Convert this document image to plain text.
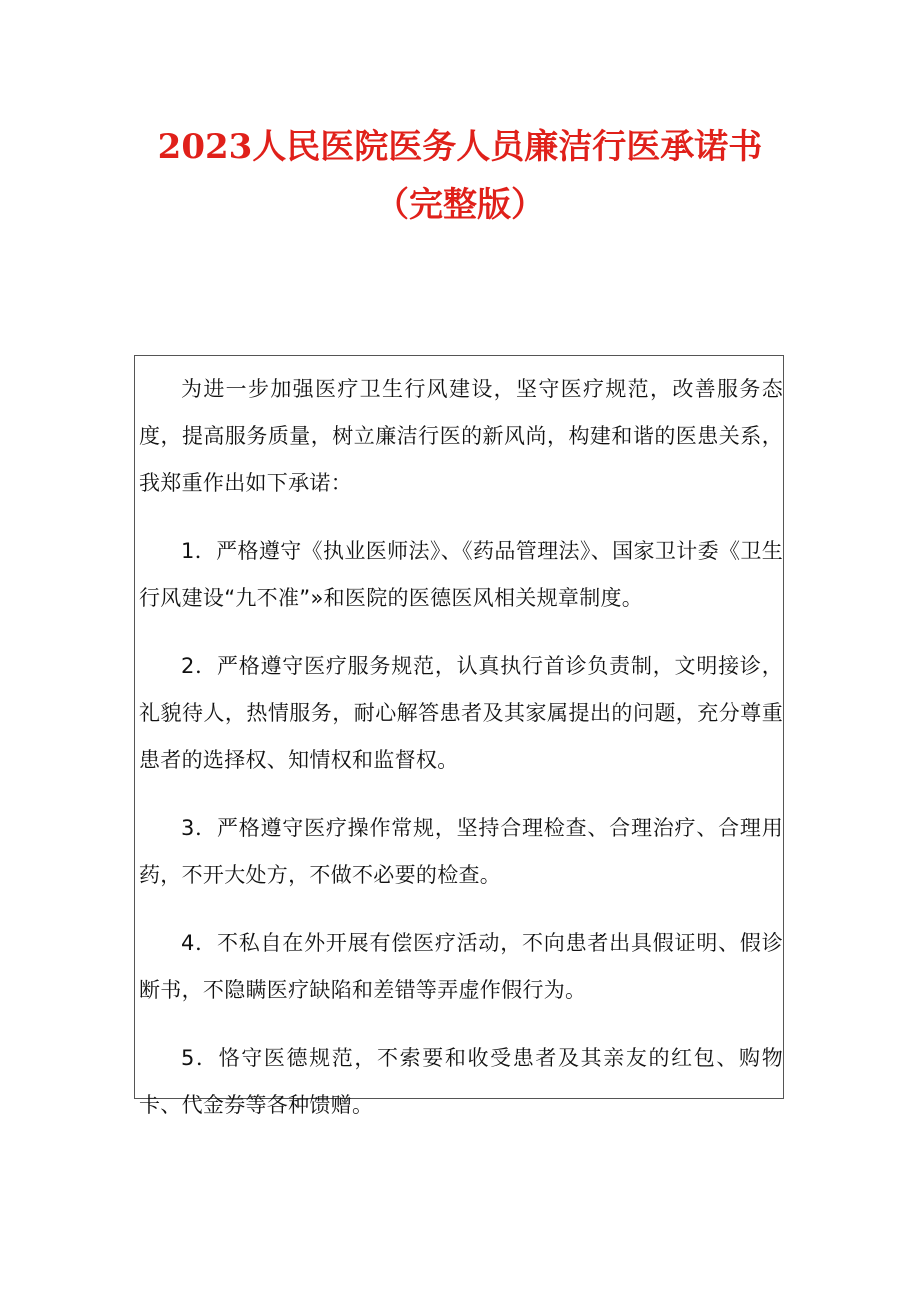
2023人民医院医务人员廉洁行医承诺书
（完整版）

为进一步加强医疗卫生行风建设，坚守医疗规范，改善服务态度，提高服务质量，树立廉洁行医的新风尚，构建和谐的医患关系，我郑重作出如下承诺：

1．严格遵守《执业医师法》、《药品管理法》、国家卫计委《卫生行风建设“九不准”»和医院的医德医风相关规章制度。

2．严格遵守医疗服务规范，认真执行首诊负责制，文明接诊，礼貌待人，热情服务，耐心解答患者及其家属提出的问题，充分尊重患者的选择权、知情权和监督权。

3．严格遵守医疗操作常规，坚持合理检查、合理治疗、合理用药，不开大处方，不做不必要的检查。

4．不私自在外开展有偿医疗活动，不向患者出具假证明、假诊断书，不隐瞒医疗缺陷和差错等弄虚作假行为。

5．恪守医德规范，不索要和收受患者及其亲友的红包、购物卡、代金券等各种馈赠。
